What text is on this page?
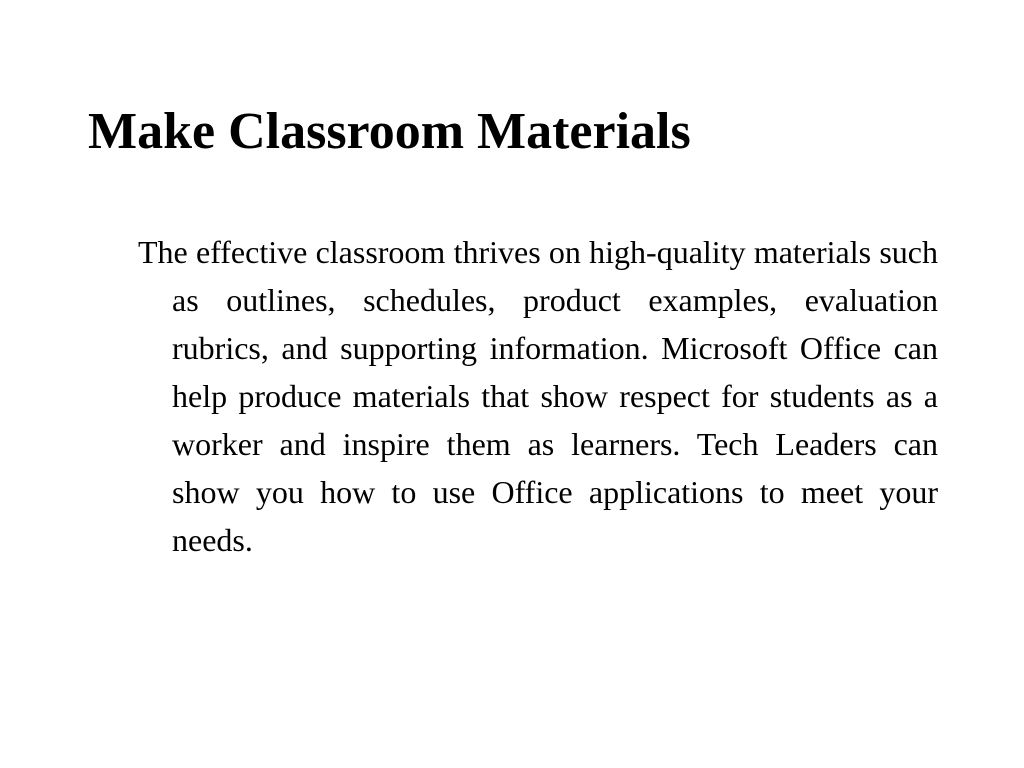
Make Classroom Materials

The effective classroom thrives on high-quality materials such as outlines, schedules, product examples, evaluation rubrics, and supporting information. Microsoft Office can help produce materials that show respect for students as a worker and inspire them as learners. Tech Leaders can show you how to use Office applications to meet your needs.
